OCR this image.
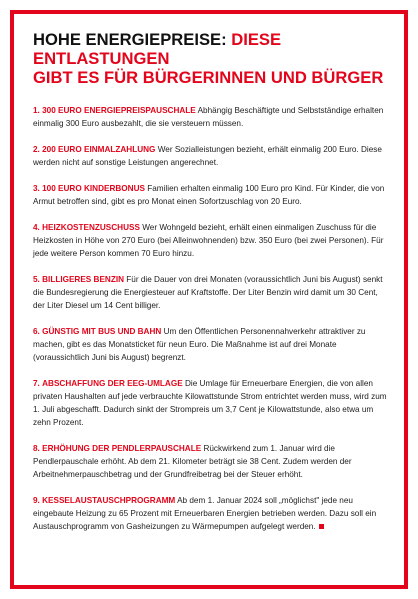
HOHE ENERGIEPREISE: DIESE ENTLASTUNGEN
GIBT ES FÜR BÜRGERINNEN UND BÜRGER

1. 300 EURO ENERGIEPREISPAUSCHALE Abhängig Beschäftigte und Selbstständige erhalten einmalig 300 Euro ausbezahlt, die sie versteuern müssen.

2. 200 EURO EINMALZAHLUNG Wer Sozialleistungen bezieht, erhält einmalig 200 Euro. Diese werden nicht auf sonstige Leistungen angerechnet.

3. 100 EURO KINDERBONUS Familien erhalten einmalig 100 Euro pro Kind. Für Kinder, die von Armut betroffen sind, gibt es pro Monat einen Sofortzuschlag von 20 Euro.

4. HEIZKOSTENZUSCHUSS Wer Wohngeld bezieht, erhält einen einmaligen Zuschuss für die Heizkosten in Höhe von 270 Euro (bei Alleinwohnenden) bzw. 350 Euro (bei zwei Personen). Für jede weitere Person kommen 70 Euro hinzu.

5. BILLIGERES BENZIN Für die Dauer von drei Monaten (voraussichtlich Juni bis August) senkt die Bundesregierung die Energiesteuer auf Kraftstoffe. Der Liter Benzin wird damit um 30 Cent, der Liter Diesel um 14 Cent billiger.

6. GÜNSTIG MIT BUS UND BAHN Um den Öffentlichen Personennahverkehr attraktiver zu machen, gibt es das Monatsticket für neun Euro. Die Maßnahme ist auf drei Monate (voraussichtlich Juni bis August) begrenzt.

7. ABSCHAFFUNG DER EEG-UMLAGE Die Umlage für Erneuerbare Energien, die von allen privaten Haushalten auf jede verbrauchte Kilowattstunde Strom entrichtet werden muss, wird zum 1. Juli abgeschafft. Dadurch sinkt der Strompreis um 3,7 Cent je Kilowattstunde, also etwa um zehn Prozent.

8. ERHÖHUNG DER PENDLERPAUSCHALE Rückwirkend zum 1. Januar wird die Pendlerpauschale erhöht. Ab dem 21. Kilometer beträgt sie 38 Cent. Zudem werden der Arbeitnehmerpauschbetrag und der Grundfreibetrag bei der Steuer erhöht.

9. KESSELAUSTAUSCHPROGRAMM Ab dem 1. Januar 2024 soll „möglichst" jede neu eingebaute Heizung zu 65 Prozent mit Erneuerbaren Energien betrieben werden. Dazu soll ein Austauschprogramm von Gasheizungen zu Wärmepumpen aufgelegt werden.
